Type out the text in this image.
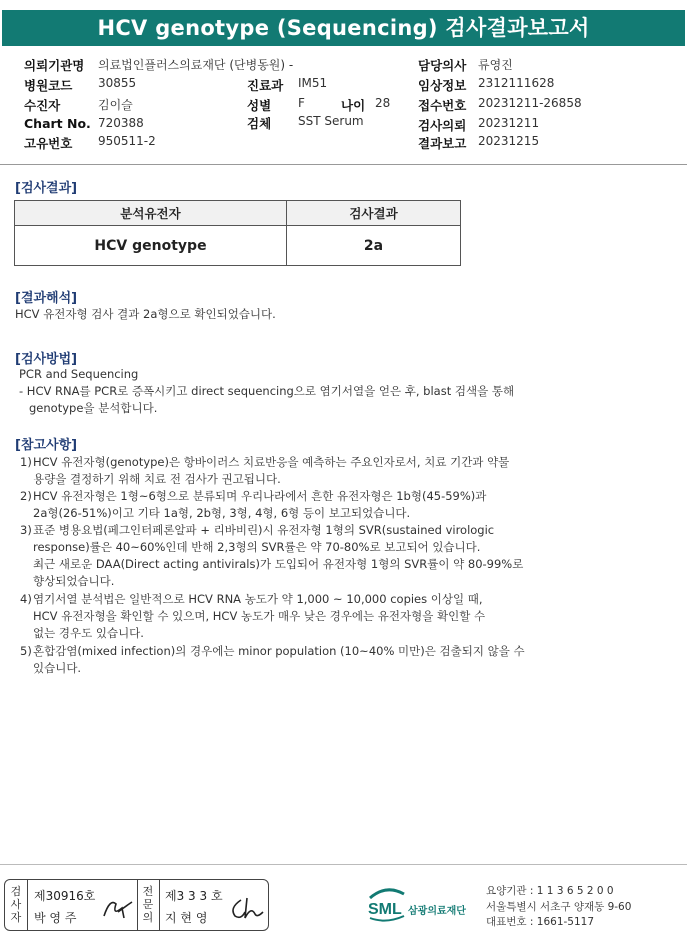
HCV genotype (Sequencing) 검사결과보고서
의뢰기관명 의료법인플러스의료재단 (단병동원) -	담당의사 류영진
병원코드 30855	진료과 IM51	임상정보 2312111628
수진자	김이슬	성별 F	나이 28 접수번호 20231211-26858
Chart No. 720388	검체 SST Serum	검사의뢰 20231211
고유번호 950511-2	결과보고 20231215
[검사결과]
분석유전자	검사결과
HCV genotype	2a
[결과해석]
HCV 유전자형 검사 결과 2a형으로 확인되었습니다.
[검사방법]
PCR and Sequencing
- HCV RNA를 PCR로 증폭시키고 direct sequencing으로 염기서열을 얻은 후, blast 검색을 통해
genotype을 분석합니다.
[참고사항]
1) HCV 유전자형(genotype)은 항바이러스 치료반응을 예측하는 주요인자로서, 치료 기간과 약물
용량을 결정하기 위해 치료 전 검사가 권고됩니다.
2) HCV 유전자형은 1형~6형으로 분류되며 우리나라에서 흔한 유전자형은 1b형(45-59%)과
2a형(26-51%)이고 기타 1a형, 2b형, 3형, 4형, 6형 등이 보고되었습니다.
3) 표준 병용요법(페그인터페론알파 + 리바비린)시 유전자형 1형의 SVR(sustained virologic
response)률은 40~60%인데 반해 2,3형의 SVR률은 약 70-80%로 보고되어 있습니다.
최근 새로운 DAA(Direct acting antivirals)가 도입되어 유전자형 1형의 SVR률이 약 80-99%로
향상되었습니다.
4) 염기서열 분석법은 일반적으로 HCV RNA 농도가 약 1,000 ~ 10,000 copies 이상일 때,
HCV 유전자형을 확인할 수 있으며, HCV 농도가 매우 낮은 경우에는 유전자형을 확인할 수
없는 경우도 있습니다.
5) 혼합감염(mixed infection)의 경우에는 minor population (10~40% 미만)은 검출되지 않을 수
있습니다.
검사자
제30916호
박 영 주
전문의
제3 3 3 호
지 현 영	SML 삼광의료재단
요양기관 : 1 1 3 6 5 2 0 0
서울특별시 서초구 양재동 9-60
대표번호 : 1661-5117
